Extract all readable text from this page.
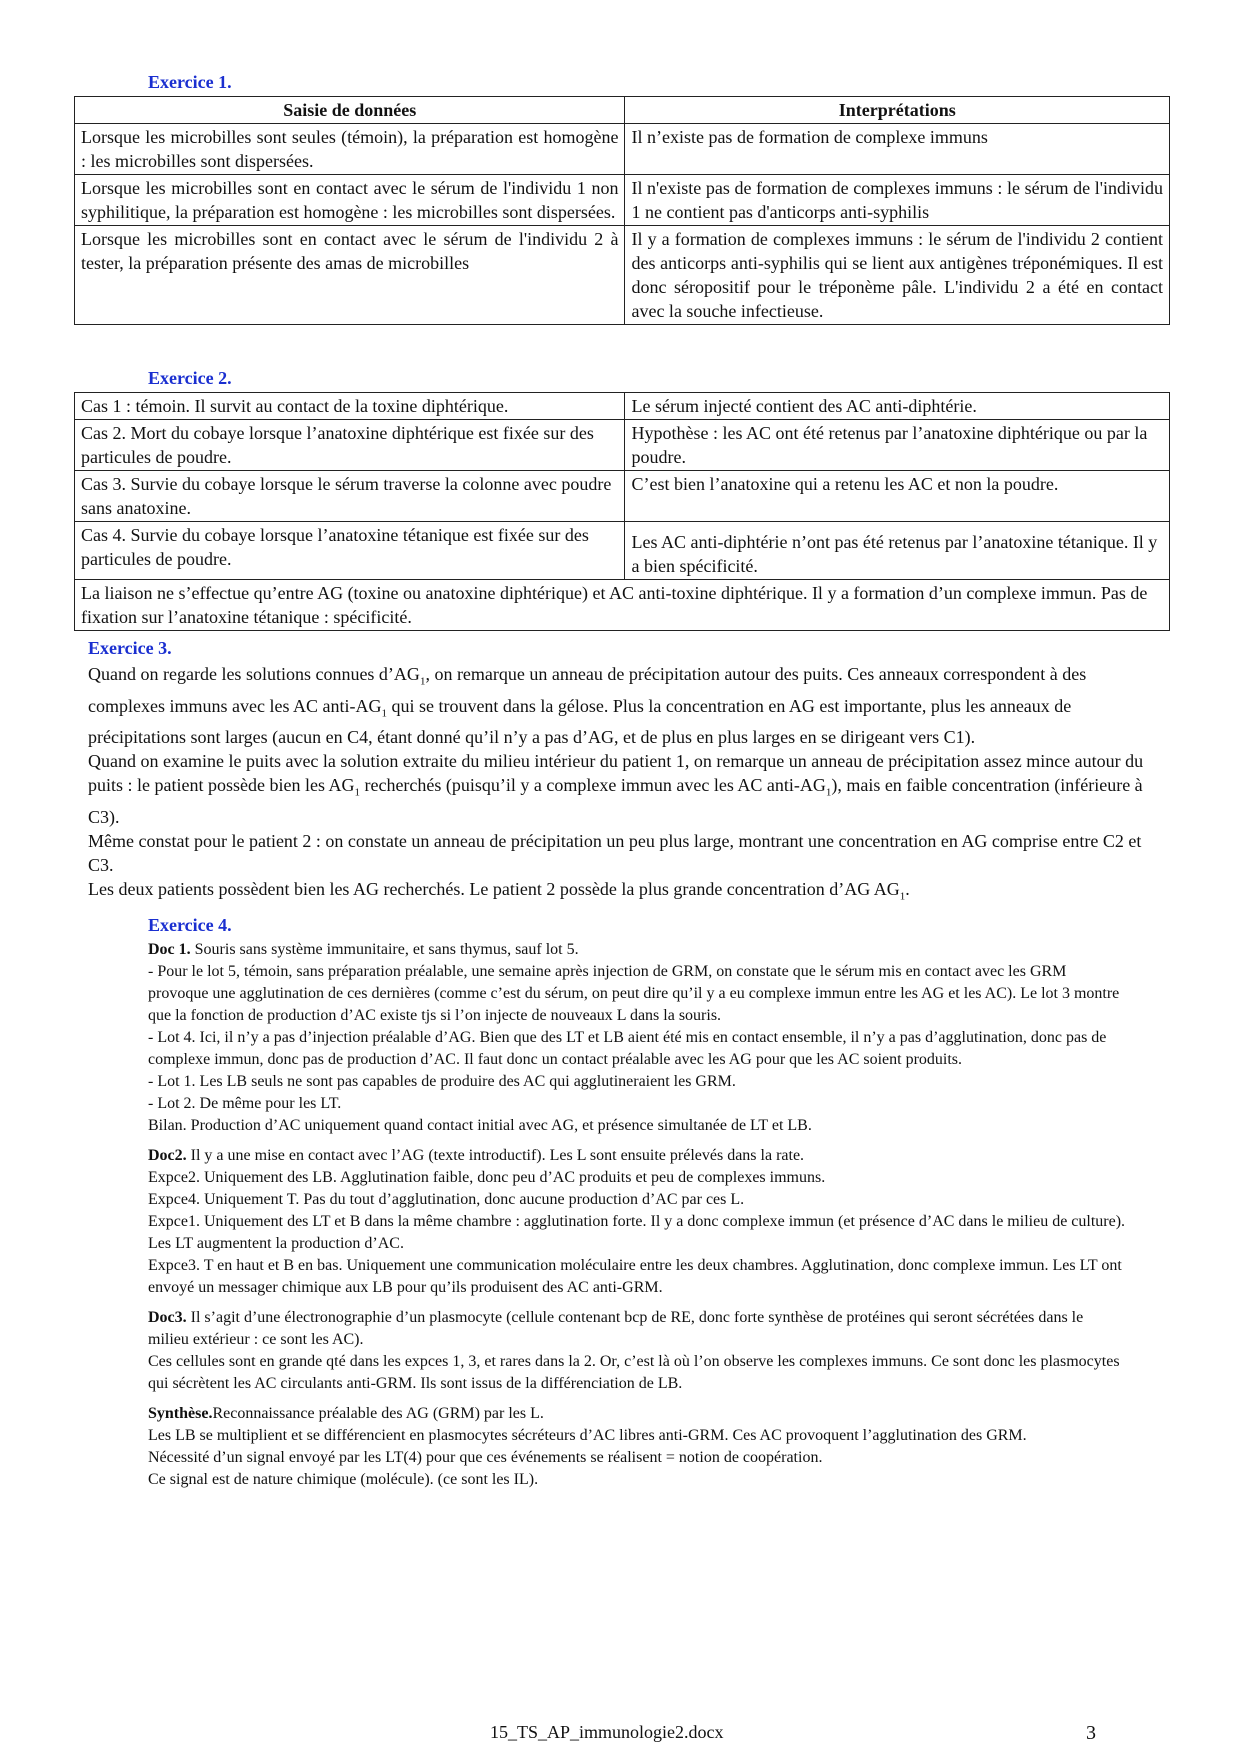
Exercice 1.
Saisie de données	Interprétations
Lorsque les microbilles sont seules (témoin), la préparation est homogène : les microbilles sont dispersées.	Il n’existe pas de formation de complexe immuns
Lorsque les microbilles sont en contact avec le sérum de l'individu 1 non syphilitique, la préparation est homogène : les microbilles sont dispersées.	Il n'existe pas de formation de complexes immuns : le sérum de l'individu 1 ne contient pas d'anticorps anti-syphilis
Lorsque les microbilles sont en contact avec le sérum de l'individu 2 à tester, la préparation présente des amas de microbilles	Il y a formation de complexes immuns : le sérum de l'individu 2 contient des anticorps anti-syphilis qui se lient aux antigènes tréponémiques. Il est donc séropositif pour le tréponème pâle. L'individu 2 a été en contact avec la souche infectieuse.
Exercice 2.
Cas 1 : témoin. Il survit au contact de la toxine diphtérique.	Le sérum injecté contient des AC anti-diphtérie.
Cas 2. Mort du cobaye lorsque l’anatoxine diphtérique est fixée sur des particules de poudre.	Hypothèse : les AC ont été retenus par l’anatoxine diphtérique ou par la poudre.
Cas 3. Survie du cobaye lorsque le sérum traverse la colonne avec poudre sans anatoxine.	C’est bien l’anatoxine qui a retenu les AC et non la poudre.
Cas 4. Survie du cobaye lorsque l’anatoxine tétanique est fixée sur des particules de poudre.	Les AC anti-diphtérie n’ont pas été retenus par l’anatoxine tétanique. Il y a bien spécificité.
La liaison ne s’effectue qu’entre AG (toxine ou anatoxine diphtérique) et AC anti-toxine diphtérique. Il y a formation d’un complexe immun. Pas de fixation sur l’anatoxine tétanique : spécificité.	
Exercice 3.

Quand on regarde les solutions connues $d’AG_1$, on remarque un anneau de précipitation autour des puits. Ces anneaux correspondent à des complexes immuns avec les AC anti-$AG_1$ qui se trouvent dans la gélose. Plus la concentration en AG est importante, plus les anneaux de précipitations sont larges (aucun en C4, étant donné qu’il n’y a pas d’AG, et de plus en plus larges en se dirigeant vers C1).

Quand on examine le puits avec la solution extraite du milieu intérieur du patient 1, on remarque un anneau de précipitation assez mince autour du puits : le patient possède bien les $AG_1$ recherchés (puisqu’il y a complexe immun avec les AC anti-$AG_1$), mais en faible concentration (inférieure à C3).

Même constat pour le patient 2 : on constate un anneau de précipitation un peu plus large, montrant une concentration en AG comprise entre C2 et C3.

Les deux patients possèdent bien les AG recherchés. Le patient 2 possède la plus grande concentration d’AG $AG_1$.

Exercice 4.

Doc 1. Souris sans système immunitaire, et sans thymus, sauf lot 5.

- Pour le lot 5, témoin, sans préparation préalable, une semaine après injection de GRM, on constate que le sérum mis en contact avec les GRM provoque une agglutination de ces dernières (comme c’est du sérum, on peut dire qu’il y a eu complexe immun entre les AG et les AC). Le lot 3 montre que la fonction de production d’AC existe tjs si l’on injecte de nouveaux L dans la souris.

- Lot 4. Ici, il n’y a pas d’injection préalable d’AG. Bien que des LT et LB aient été mis en contact ensemble, il n’y a pas d’agglutination, donc pas de complexe immun, donc pas de production d’AC. Il faut donc un contact préalable avec les AG pour que les AC soient produits.

- Lot 1. Les LB seuls ne sont pas capables de produire des AC qui agglutineraient les GRM.

- Lot 2. De même pour les LT.

Bilan. Production d’AC uniquement quand contact initial avec AG, et présence simultanée de LT et LB.

Doc2. Il y a une mise en contact avec l’AG (texte introductif). Les L sont ensuite prélevés dans la rate.

Expce2. Uniquement des LB. Agglutination faible, donc peu d’AC produits et peu de complexes immuns.

Expce4. Uniquement T. Pas du tout d’agglutination, donc aucune production d’AC par ces L.

Expce1. Uniquement des LT et B dans la même chambre : agglutination forte. Il y a donc complexe immun (et présence d’AC dans le milieu de culture). Les LT augmentent la production d’AC.

Expce3. T en haut et B en bas. Uniquement une communication moléculaire entre les deux chambres. Agglutination, donc complexe immun. Les LT ont envoyé un messager chimique aux LB pour qu’ils produisent des AC anti-GRM.

Doc3. Il s’agit d’une électronographie d’un plasmocyte (cellule contenant bcp de RE, donc forte synthèse de protéines qui seront sécrétées dans le milieu extérieur : ce sont les AC).

Ces cellules sont en grande qté dans les expces 1, 3, et rares dans la 2. Or, c’est là où l’on observe les complexes immuns. Ce sont donc les plasmocytes qui sécrètent les AC circulants anti-GRM. Ils sont issus de la différenciation de LB.

Synthèse.Reconnaissance préalable des AG (GRM) par les L.

Les LB se multiplient et se différencient en plasmocytes sécréteurs d’AC libres anti-GRM. Ces AC provoquent l’agglutination des GRM.

Nécessité d’un signal envoyé par les LT(4) pour que ces événements se réalisent = notion de coopération.

Ce signal est de nature chimique (molécule). (ce sont les IL).

15_TS_AP_immunologie2.docx	3
